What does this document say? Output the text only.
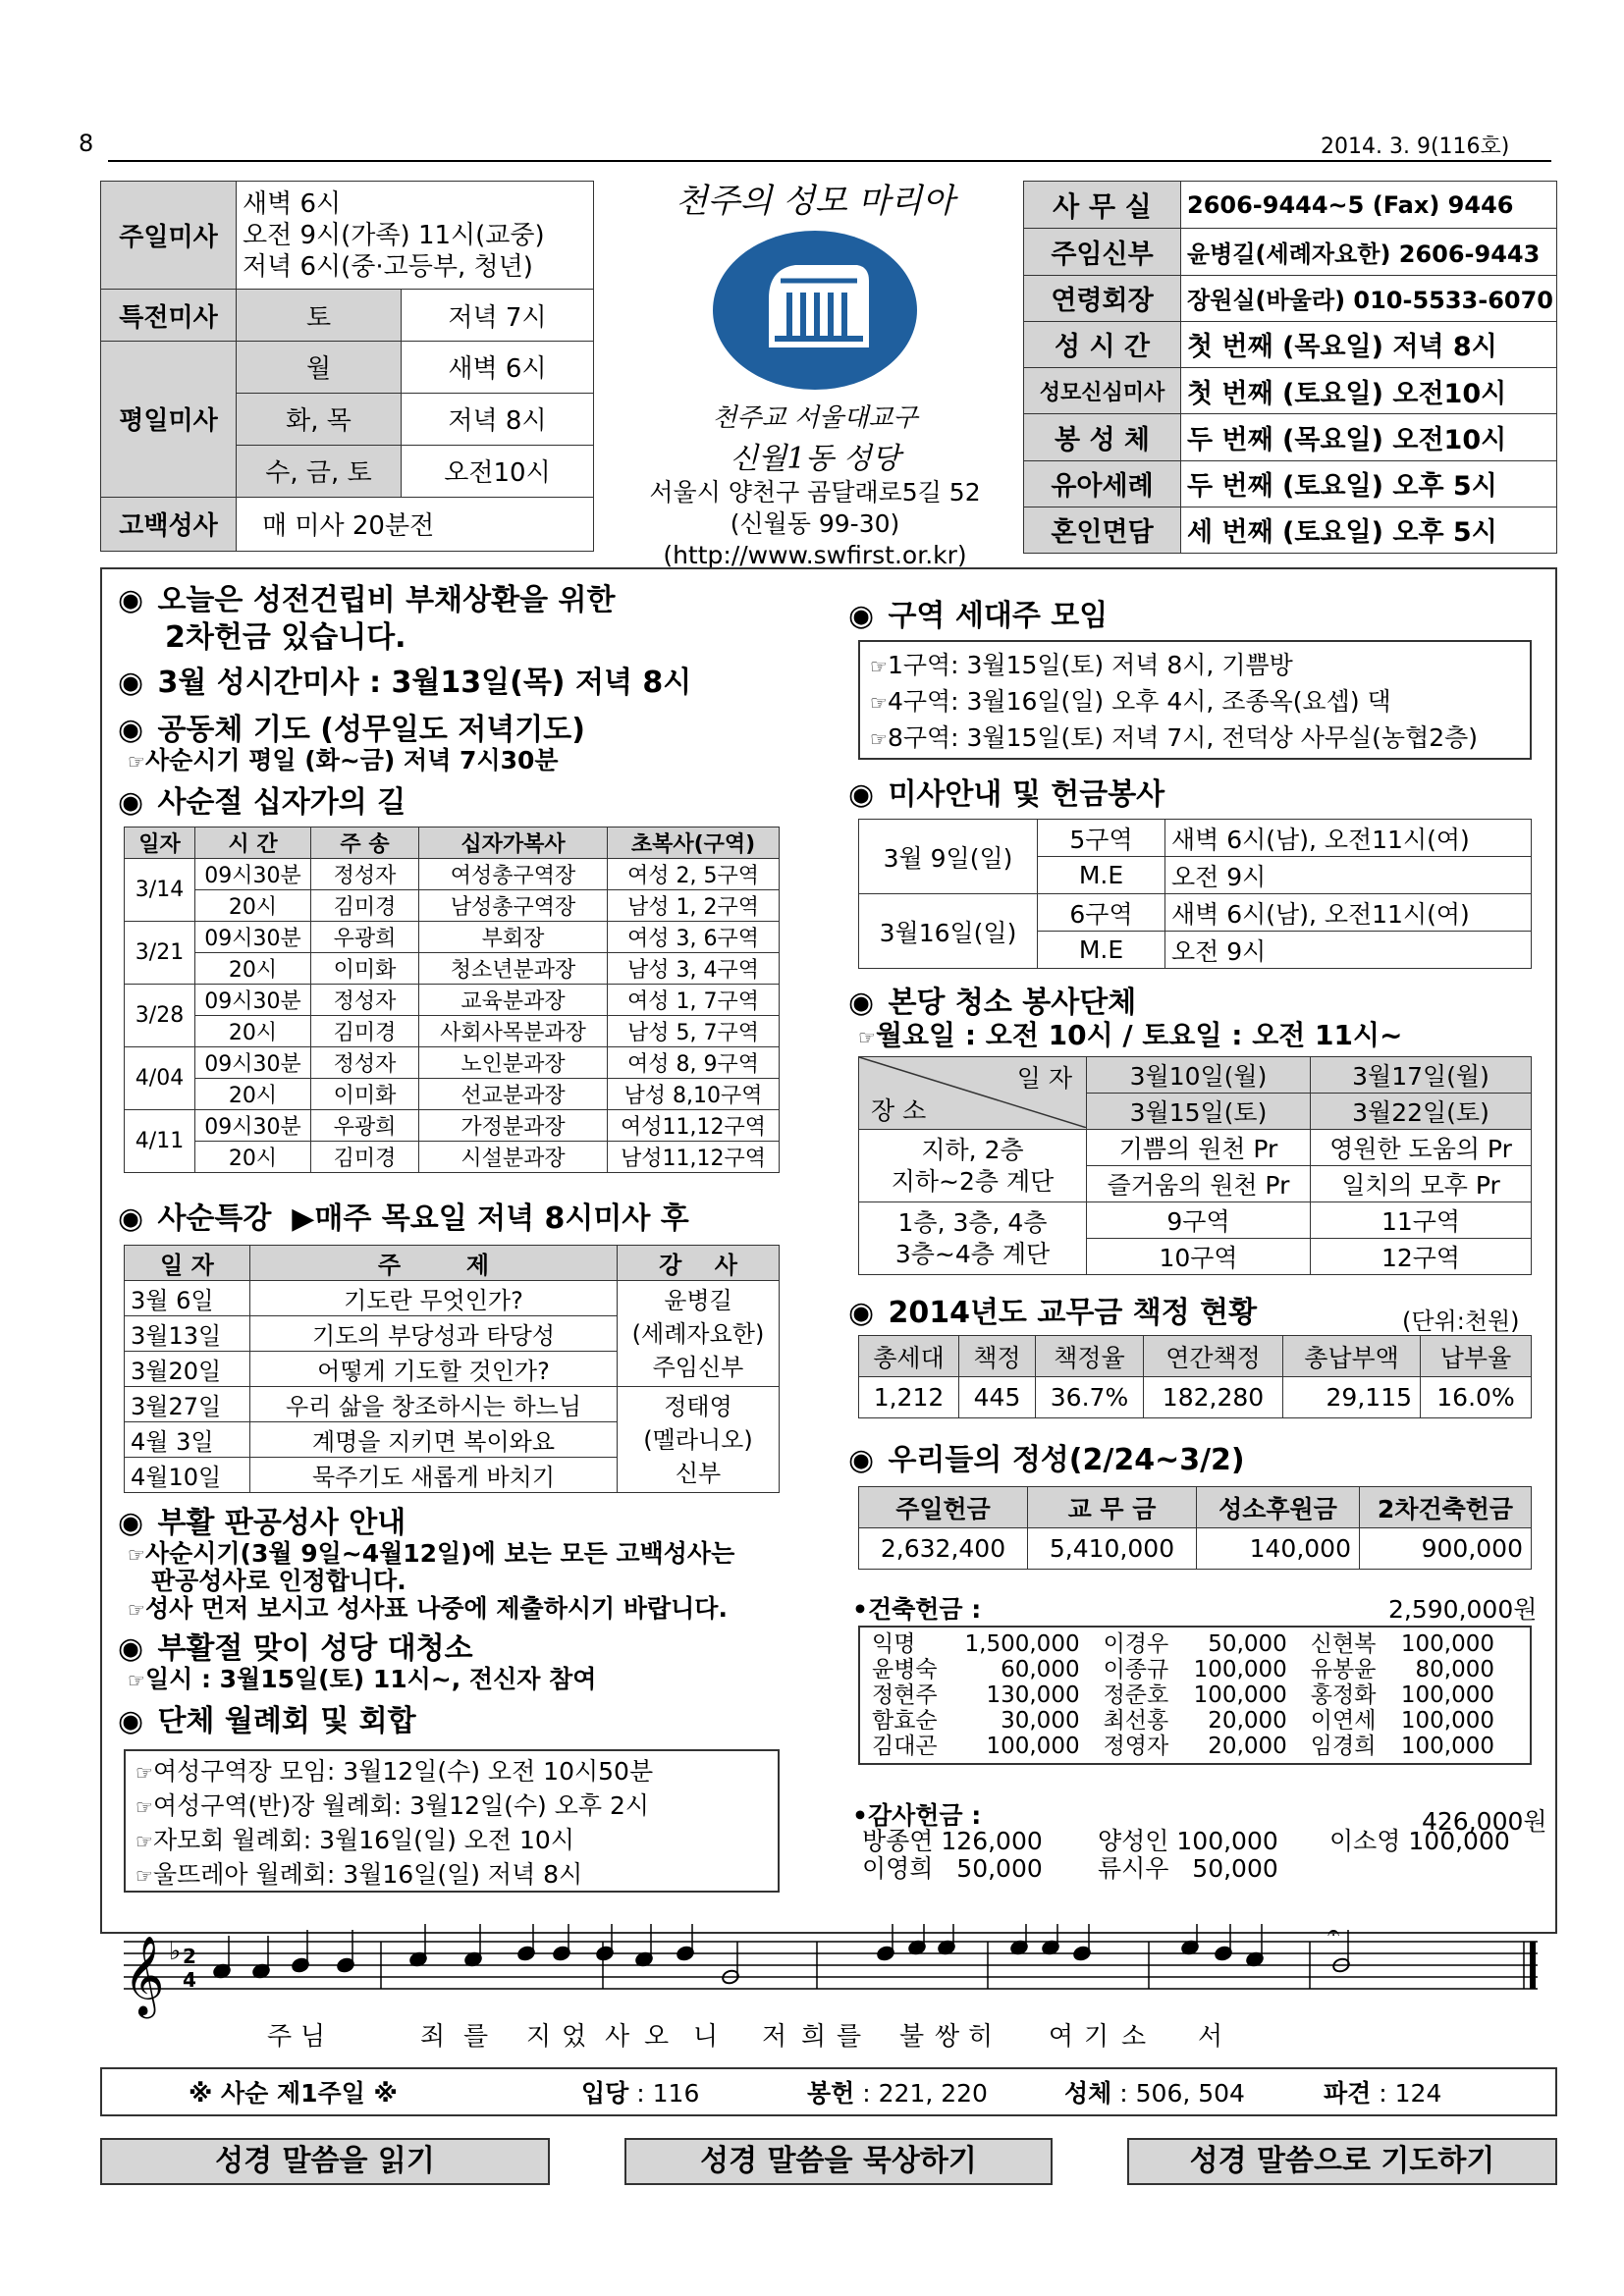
8	2014. 3. 9(116호)
주일미사	새벽 6시
오전 9시(가족) 11시(교중)
저녁 6시(중·고등부, 청년)	

특전미사	토	저녁 7시
평일미사	월	새벽 6시
	화, 목	저녁 8시
	수, 금, 토	오전10시
고백성사	매 미사 20분전	
천주의 성모 마리아
천주교 서울대교구
신월1동 성당
서울시 양천구 곰달래로5길 52
(신월동 99-30)
(http://www.swfirst.or.kr)
사 무 실	2606-9444~5 (Fax) 9446
주임신부	윤병길(세례자요한) 2606-9443
연령회장	장원실(바울라) 010-5533-6070
성 시 간	첫 번째 (목요일) 저녁 8시
성모신심미사	첫 번째 (토요일) 오전10시
봉 성 체	두 번째 (목요일) 오전10시
유아세례	두 번째 (토요일) 오후 5시
혼인면담	세 번째 (토요일) 오후 5시
◉ 오늘은 성전건립비 부채상환을 위한
2차헌금 있습니다.
◉ 3월 성시간미사 : 3월13일(목) 저녁 8시
◉ 공동체 기도 (성무일도 저녁기도)
☞사순시기 평일 (화~금) 저녁 7시30분
◉ 사순절 십자가의 길
일자	시 간	주 송	십자가복사	초복사(구역)
3/14	09시30분	정성자	여성총구역장	여성 2, 5구역
	20시	김미경	남성총구역장	남성 1, 2구역
3/21	09시30분	우광희	부회장	여성 3, 6구역
	20시	이미화	청소년분과장	남성 3, 4구역
3/28	09시30분	정성자	교육분과장	여성 1, 7구역
	20시	김미경	사회사목분과장	남성 5, 7구역
4/04	09시30분	정성자	노인분과장	여성 8, 9구역
	20시	이미화	선교분과장	남성 8,10구역
4/11	09시30분	우광희	가정분과장	여성11,12구역
	20시	김미경	시설분과장	남성11,12구역
◉ 사순특강 ▶매주 목요일 저녁 8시미사 후
일 자	주        제	강    사
3월 6일	기도란 무엇인가?	윤병길
(세례자요한)
주임신부

3월13일	기도의 부당성과 타당성	
3월20일	어떻게 기도할 것인가?	
3월27일	우리 삶을 창조하시는 하느님	정태영
(멜라니오)
신부

4월 3일	계명을 지키면 복이와요	
4월10일	묵주기도 새롭게 바치기	
◉ 부활 판공성사 안내
☞사순시기(3월 9일~4월12일)에 보는 모든 고백성사는
판공성사로 인정합니다.
☞성사 먼저 보시고 성사표 나중에 제출하시기 바랍니다.
◉ 부활절 맞이 성당 대청소
☞일시 : 3월15일(토) 11시~, 전신자 참여
◉ 단체 월례회 및 회합
☞여성구역장 모임: 3월12일(수) 오전 10시50분
☞여성구역(반)장 월례회: 3월12일(수) 오후 2시
☞자모회 월례회: 3월16일(일) 오전 10시
☞울뜨레아 월례회: 3월16일(일) 저녁 8시
◉ 구역 세대주 모임
☞1구역: 3월15일(토) 저녁 8시, 기쁨방
☞4구역: 3월16일(일) 오후 4시, 조종옥(요셉) 댁
☞8구역: 3월15일(토) 저녁 7시, 전덕상 사무실(농협2층)
◉ 미사안내 및 헌금봉사
3월 9일(일)	5구역	새벽 6시(남), 오전11시(여)
	M.E	오전 9시
3월16일(일)	6구역	새벽 6시(남), 오전11시(여)
	M.E	오전 9시
◉ 본당 청소 봉사단체
☞월요일 : 오전 10시 / 토요일 : 오전 11시~
일 자
장 소	3월10일(월)	3월17일(월)
	3월15일(토)	3월22일(토)

지하, 2층
지하~2층 계단	기쁨의 원천 Pr	영원한 도움의 Pr
	즐거움의 원천 Pr	일치의 모후 Pr

1층, 3층, 4층
3층~4층 계단	9구역	11구역
	10구역	12구역
◉ 2014년도 교무금 책정 현황	(단위:천원)
총세대	책정	책정율	연간책정	총납부액	납부율
1,212	445	36.7%	182,280	29,115	16.0%
◉ 우리들의 정성(2/24~3/2)
주일헌금	교 무 금	성소후원금	2차건축헌금
2,632,400	5,410,000	140,000	900,000
•건축헌금 :	2,590,000원
익명	1,500,000	이경우	50,000	신현복	100,000
윤병숙	60,000	이종규	100,000	유봉윤	80,000
정현주	130,000	정준호	100,000	홍정화	100,000
함효순	30,000	최선홍	20,000	이연세	100,000
김대곤	100,000	정영자	20,000	임경희	100,000
•감사헌금 :	426,000원
방종연 126,000	양성인 100,000	이소영 100,000
이영희   50,000	류시우   50,000
𝄞 ♭ 2
4
𝄐
주 님	죄 를 지 었 사 오 니 저 희 를 불 쌍 히 여 기 소 서
※ 사순 제1주일 ※	입당 : 116	봉헌 : 221, 220	성체 : 506, 504	파견 : 124
성경 말씀을 읽기	성경 말씀을 묵상하기	성경 말씀으로 기도하기
